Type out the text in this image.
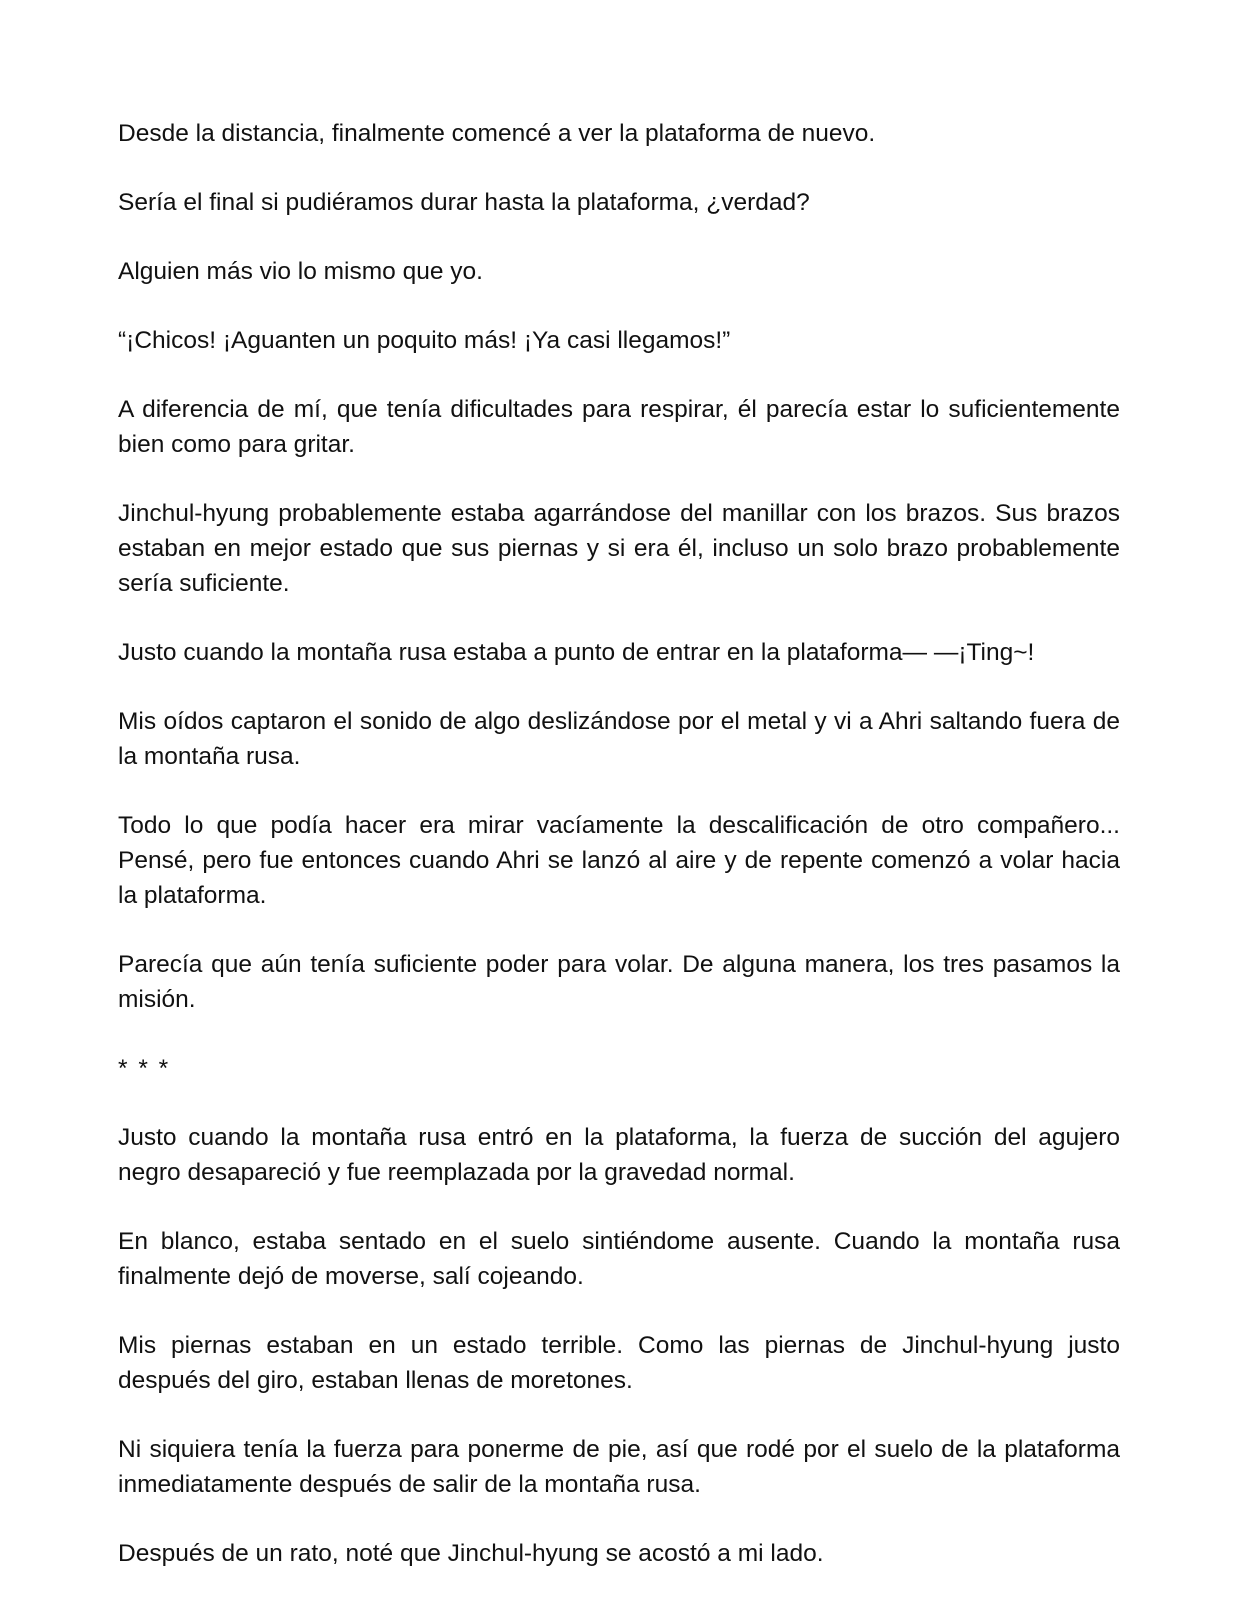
Desde la distancia, finalmente comencé a ver la plataforma de nuevo.

Sería el final si pudiéramos durar hasta la plataforma, ¿verdad?

Alguien más vio lo mismo que yo.

“¡Chicos! ¡Aguanten un poquito más! ¡Ya casi llegamos!”

A diferencia de mí, que tenía dificultades para respirar, él parecía estar lo suficientemente bien como para gritar.

Jinchul-hyung probablemente estaba agarrándose del manillar con los brazos. Sus brazos estaban en mejor estado que sus piernas y si era él, incluso un solo brazo probablemente sería suficiente.

Justo cuando la montaña rusa estaba a punto de entrar en la plataforma— —¡Ting~!

Mis oídos captaron el sonido de algo deslizándose por el metal y vi a Ahri saltando fuera de la montaña rusa.

Todo lo que podía hacer era mirar vacíamente la descalificación de otro compañero... Pensé, pero fue entonces cuando Ahri se lanzó al aire y de repente comenzó a volar hacia la plataforma.

Parecía que aún tenía suficiente poder para volar. De alguna manera, los tres pasamos la misión.

* * *

Justo cuando la montaña rusa entró en la plataforma, la fuerza de succión del agujero negro desapareció y fue reemplazada por la gravedad normal.

En blanco, estaba sentado en el suelo sintiéndome ausente. Cuando la montaña rusa finalmente dejó de moverse, salí cojeando.

Mis piernas estaban en un estado terrible. Como las piernas de Jinchul-hyung justo después del giro, estaban llenas de moretones.

Ni siquiera tenía la fuerza para ponerme de pie, así que rodé por el suelo de la plataforma inmediatamente después de salir de la montaña rusa.

Después de un rato, noté que Jinchul-hyung se acostó a mi lado.
